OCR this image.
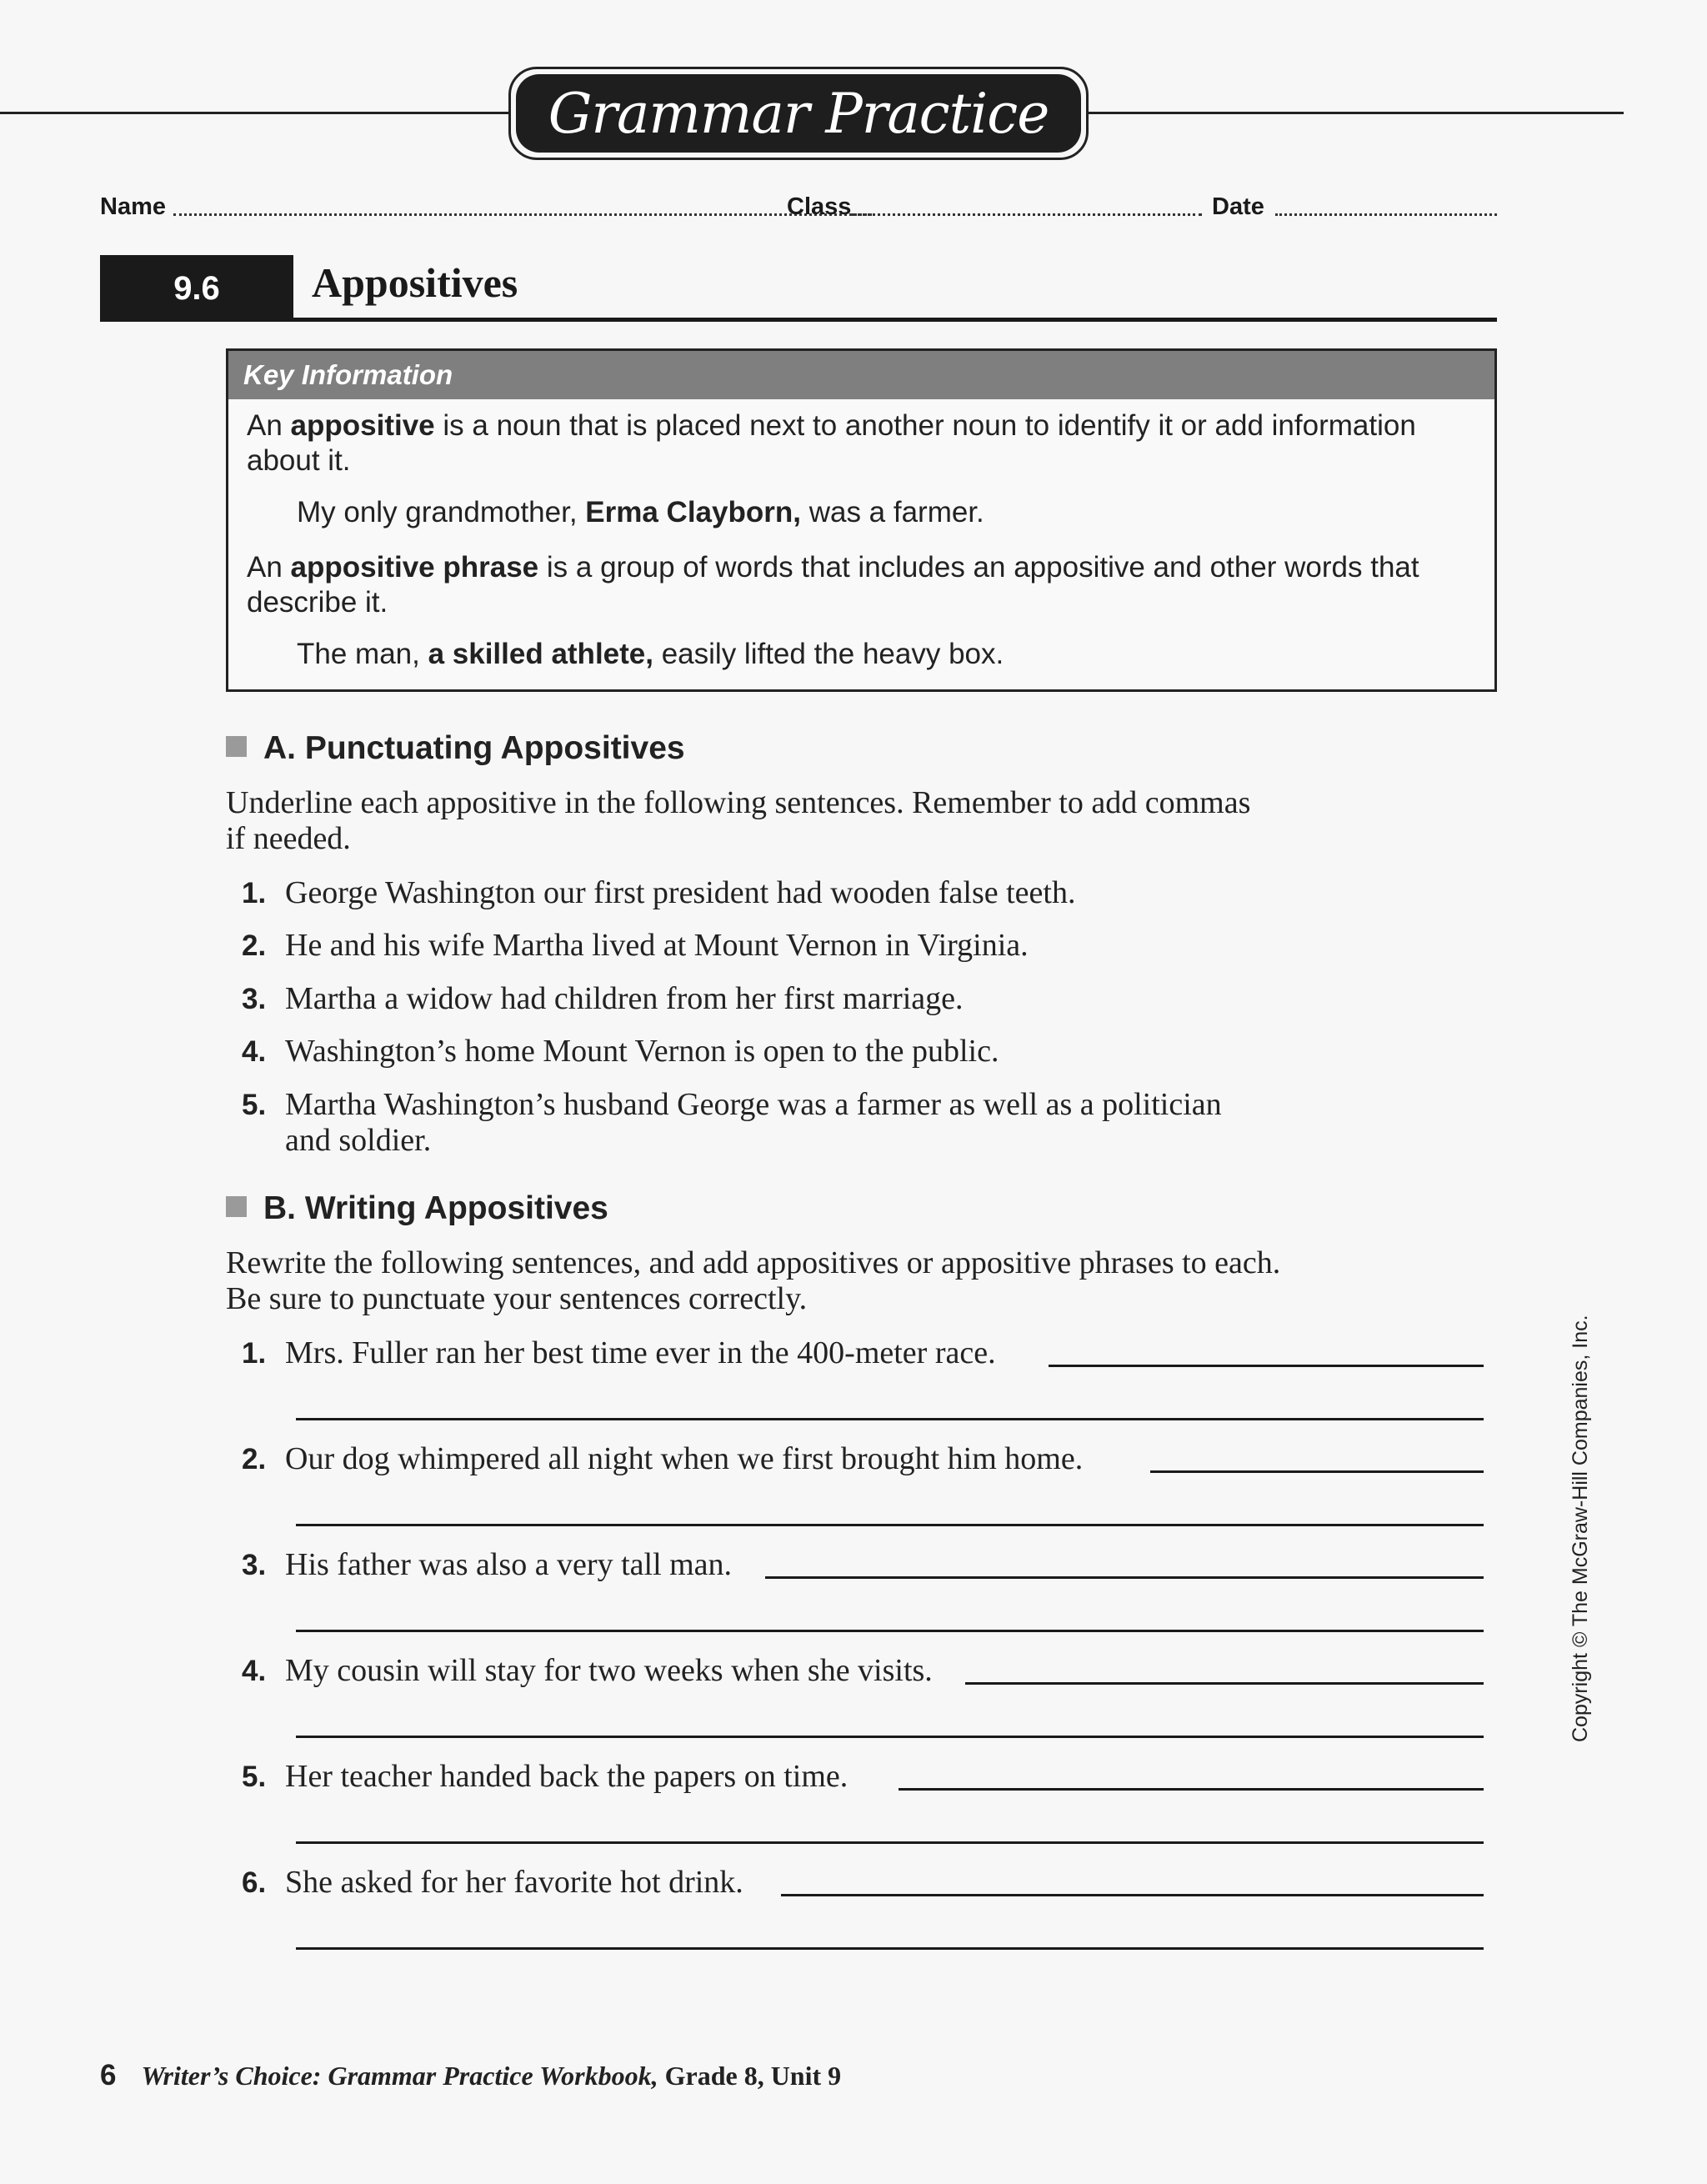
Grammar Practice
Name	Class	Date
9.6	Appositives
Key Information
An appositive is a noun that is placed next to another noun to identify it or add information
about it.
My only grandmother, Erma Clayborn, was a farmer.
An appositive phrase is a group of words that includes an appositive and other words that
describe it.
The man, a skilled athlete, easily lifted the heavy box.
A. Punctuating Appositives
Underline each appositive in the following sentences. Remember to add commas
if needed.
1. George Washington our first president had wooden false teeth.
2. He and his wife Martha lived at Mount Vernon in Virginia.
3. Martha a widow had children from her first marriage.
4. Washington’s home Mount Vernon is open to the public.
5. Martha Washington’s husband George was a farmer as well as a politician
and soldier.
B. Writing Appositives
Rewrite the following sentences, and add appositives or appositive phrases to each.
Be sure to punctuate your sentences correctly.
1. Mrs. Fuller ran her best time ever in the 400-meter race.
2. Our dog whimpered all night when we first brought him home.
3. His father was also a very tall man.
4. My cousin will stay for two weeks when she visits.
5. Her teacher handed back the papers on time.
6. She asked for her favorite hot drink.
Copyright © The McGraw-Hill Companies, Inc.
6 Writer’s Choice: Grammar Practice Workbook, Grade 8, Unit 9
